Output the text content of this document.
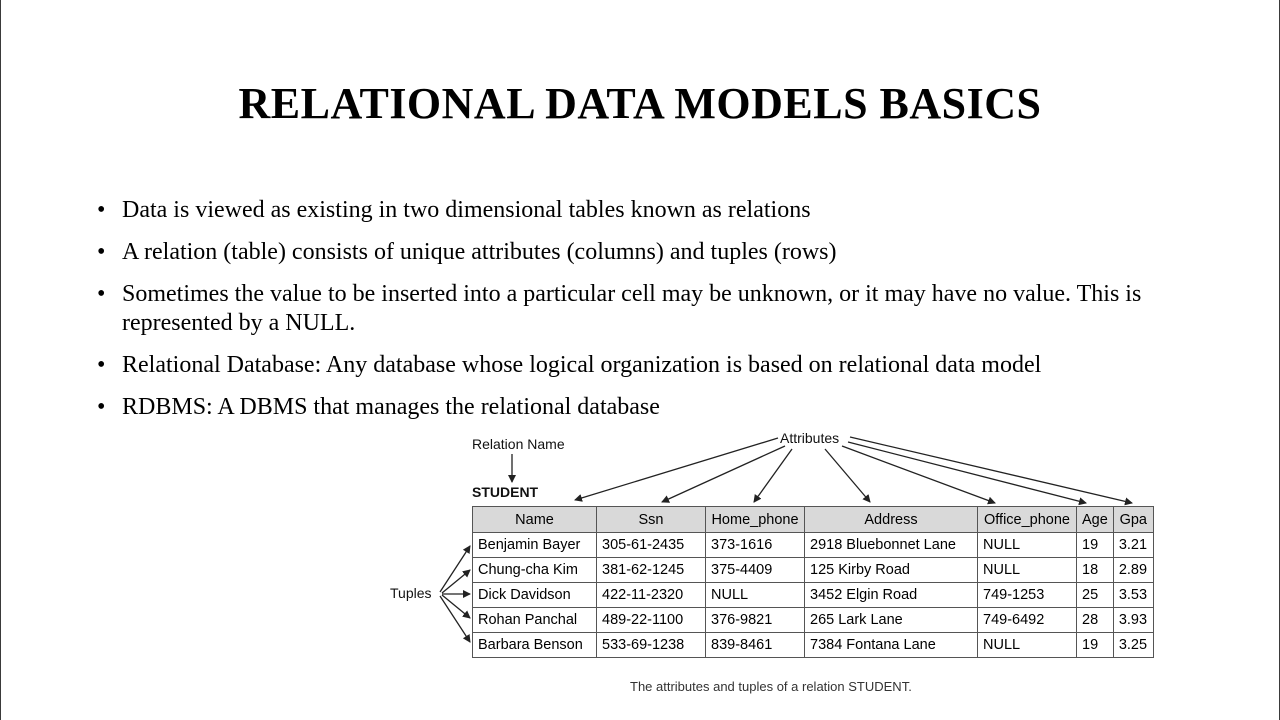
RELATIONAL DATA MODELS BASICS
• Data is viewed as existing in two dimensional tables known as relations
• A relation (table) consists of unique attributes (columns) and tuples (rows)
• Sometimes the value to be inserted into a particular cell may be unknown, or it may have no value. This is represented by a NULL.
• Relational Database: Any database whose logical organization is based on relational data model
• RDBMS: A DBMS that manages the relational database
Relation Name	Attributes
STUDENT
Tuples
Name	Ssn	Home_phone	Address	Office_phone	Age	Gpa
Benjamin Bayer	305-61-2435	373-1616	2918 Bluebonnet Lane	NULL	19	3.21
Chung-cha Kim	381-62-1245	375-4409	125 Kirby Road	NULL	18	2.89
Dick Davidson	422-11-2320	NULL	3452 Elgin Road	749-1253	25	3.53
Rohan Panchal	489-22-1100	376-9821	265 Lark Lane	749-6492	28	3.93
Barbara Benson	533-69-1238	839-8461	7384 Fontana Lane	NULL	19	3.25
The attributes and tuples of a relation STUDENT.
